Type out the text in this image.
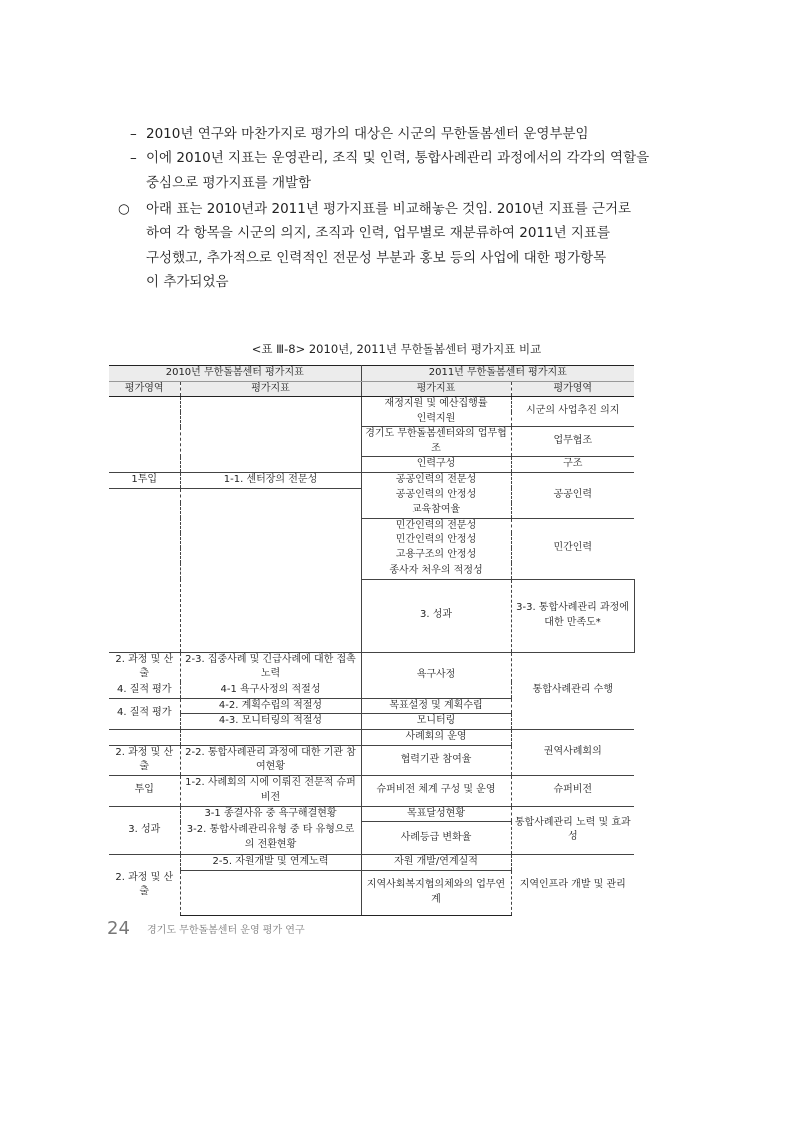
– 2010년 연구와 마찬가지로 평가의 대상은 시군의 무한돌봄센터 운영부분임
– 이에 2010년 지표는 운영관리, 조직 및 인력, 통합사례관리 과정에서의 각각의 역할을
중심으로 평가지표를 개발함
○ 아래 표는 2010년과 2011년 평가지표를 비교해놓은 것임. 2010년 지표를 근거로
하여 각 항목을 시군의 의지, 조직과 인력, 업무별로 재분류하여 2011년 지표를
구성했고, 추가적으로 인력적인 전문성 부분과 홍보 등의 사업에 대한 평가항목
이 추가되었음
<표 Ⅲ-8> 2010년, 2011년 무한돌봄센터 평가지표 비교
2010년 무한돌봄센터 평가지표		2011년 무한돌봄센터 평가지표		
평가영역	평가지표	평가지표	평가영역	
		재정지원 및 예산집행률	시군의 사업추진 의지	
		인력지원		
		경기도 무한돌봄센터와의 업무협조	업무협조	
		인력구성	구조	
1투입	1-1. 센터장의 전문성	공공인력의 전문성	공공인력	
		공공인력의 안정성		
		교육참여율		
		민간인력의 전문성	민간인력	
		민간인력의 안정성		
		고용구조의 안정성		
		종사자 처우의 적정성		
		3. 성과	3-3. 통합사례관리 과정에 대한 만족도*		
2. 과정 및 산출	2-3. 집중사례 및 긴급사례에 대한 접촉노력	욕구사정	통합사례관리 수행	
4. 질적 평가	4-1 욕구사정의 적절성			
4. 질적 평가	4-2. 계획수립의 적절성	목표설정 및 계획수립		
	4-3. 모니터링의 적절성	모니터링		
		사례회의 운영	권역사례회의	
2. 과정 및 산출	2-2. 통합사례관리 과정에 대한 기관 참여현황	협력기관 참여율		
투입	1-2. 사례회의 시에 이뤄진 전문적 슈퍼비전	슈퍼비전 체계 구성 및 운영	슈퍼비전	
3. 성과	3-1 종결사유 중 욕구해결현황	목표달성현황	통합사례관리 노력 및 효과성	
	3-2. 통합사례관리유형 중 타 유형으로의 전환현황	사례등급 변화율		
2. 과정 및 산출	2-5. 자원개발 및 연계노력	자원 개발/연계실적	지역인프라 개발 및 관리	
		지역사회복지협의체와의 업무연계		
24 경기도 무한돌봄센터 운영 평가 연구
